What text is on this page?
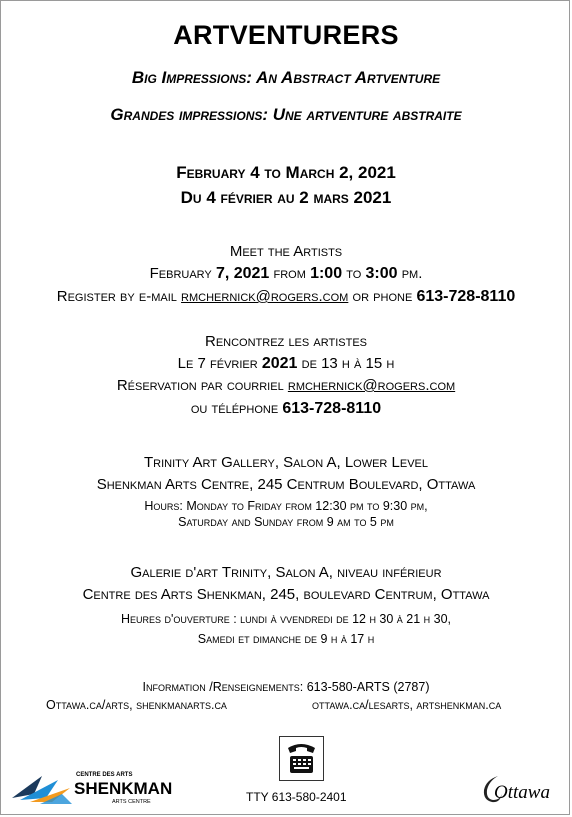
ARTVENTURERS
Big Impressions: An Abstract Artventure
Grandes impressions: Une artventure abstraite
February 4 to March 2, 2021
Du 4 février au 2 mars 2021
Meet the Artists
February 7, 2021 from 1:00 to 3:00 pm.
Register by e-mail rmchernick@rogers.com or phone 613-728-8110
Rencontrez les artistes
Le 7 février 2021 de 13 h à 15 h
Réservation par courriel rmchernick@rogers.com
ou téléphone 613-728-8110
Trinity Art Gallery, Salon A, Lower Level
Shenkman Arts Centre, 245 Centrum Boulevard, Ottawa
Hours: Monday to Friday from 12:30 pm to 9:30 pm,
Saturday and Sunday from 9 am to 5 pm
Galerie d'art Trinity, Salon A, niveau inférieur
Centre des Arts Shenkman, 245, boulevard Centrum, Ottawa
Heures d'ouverture : lundi à vvendredi de 12 h 30 à 21 h 30,
Samedi et dimanche de 9 h à 17 h
Information /Renseignements: 613-580-ARTS (2787)
Ottawa.ca/arts, shenkmanarts.ca	ottawa.ca/lesarts, artshenkman.ca
CENTRE DES ARTS
SHENKMAN
ARTS CENTRE	TTY 613-580-2401	Ottawa
